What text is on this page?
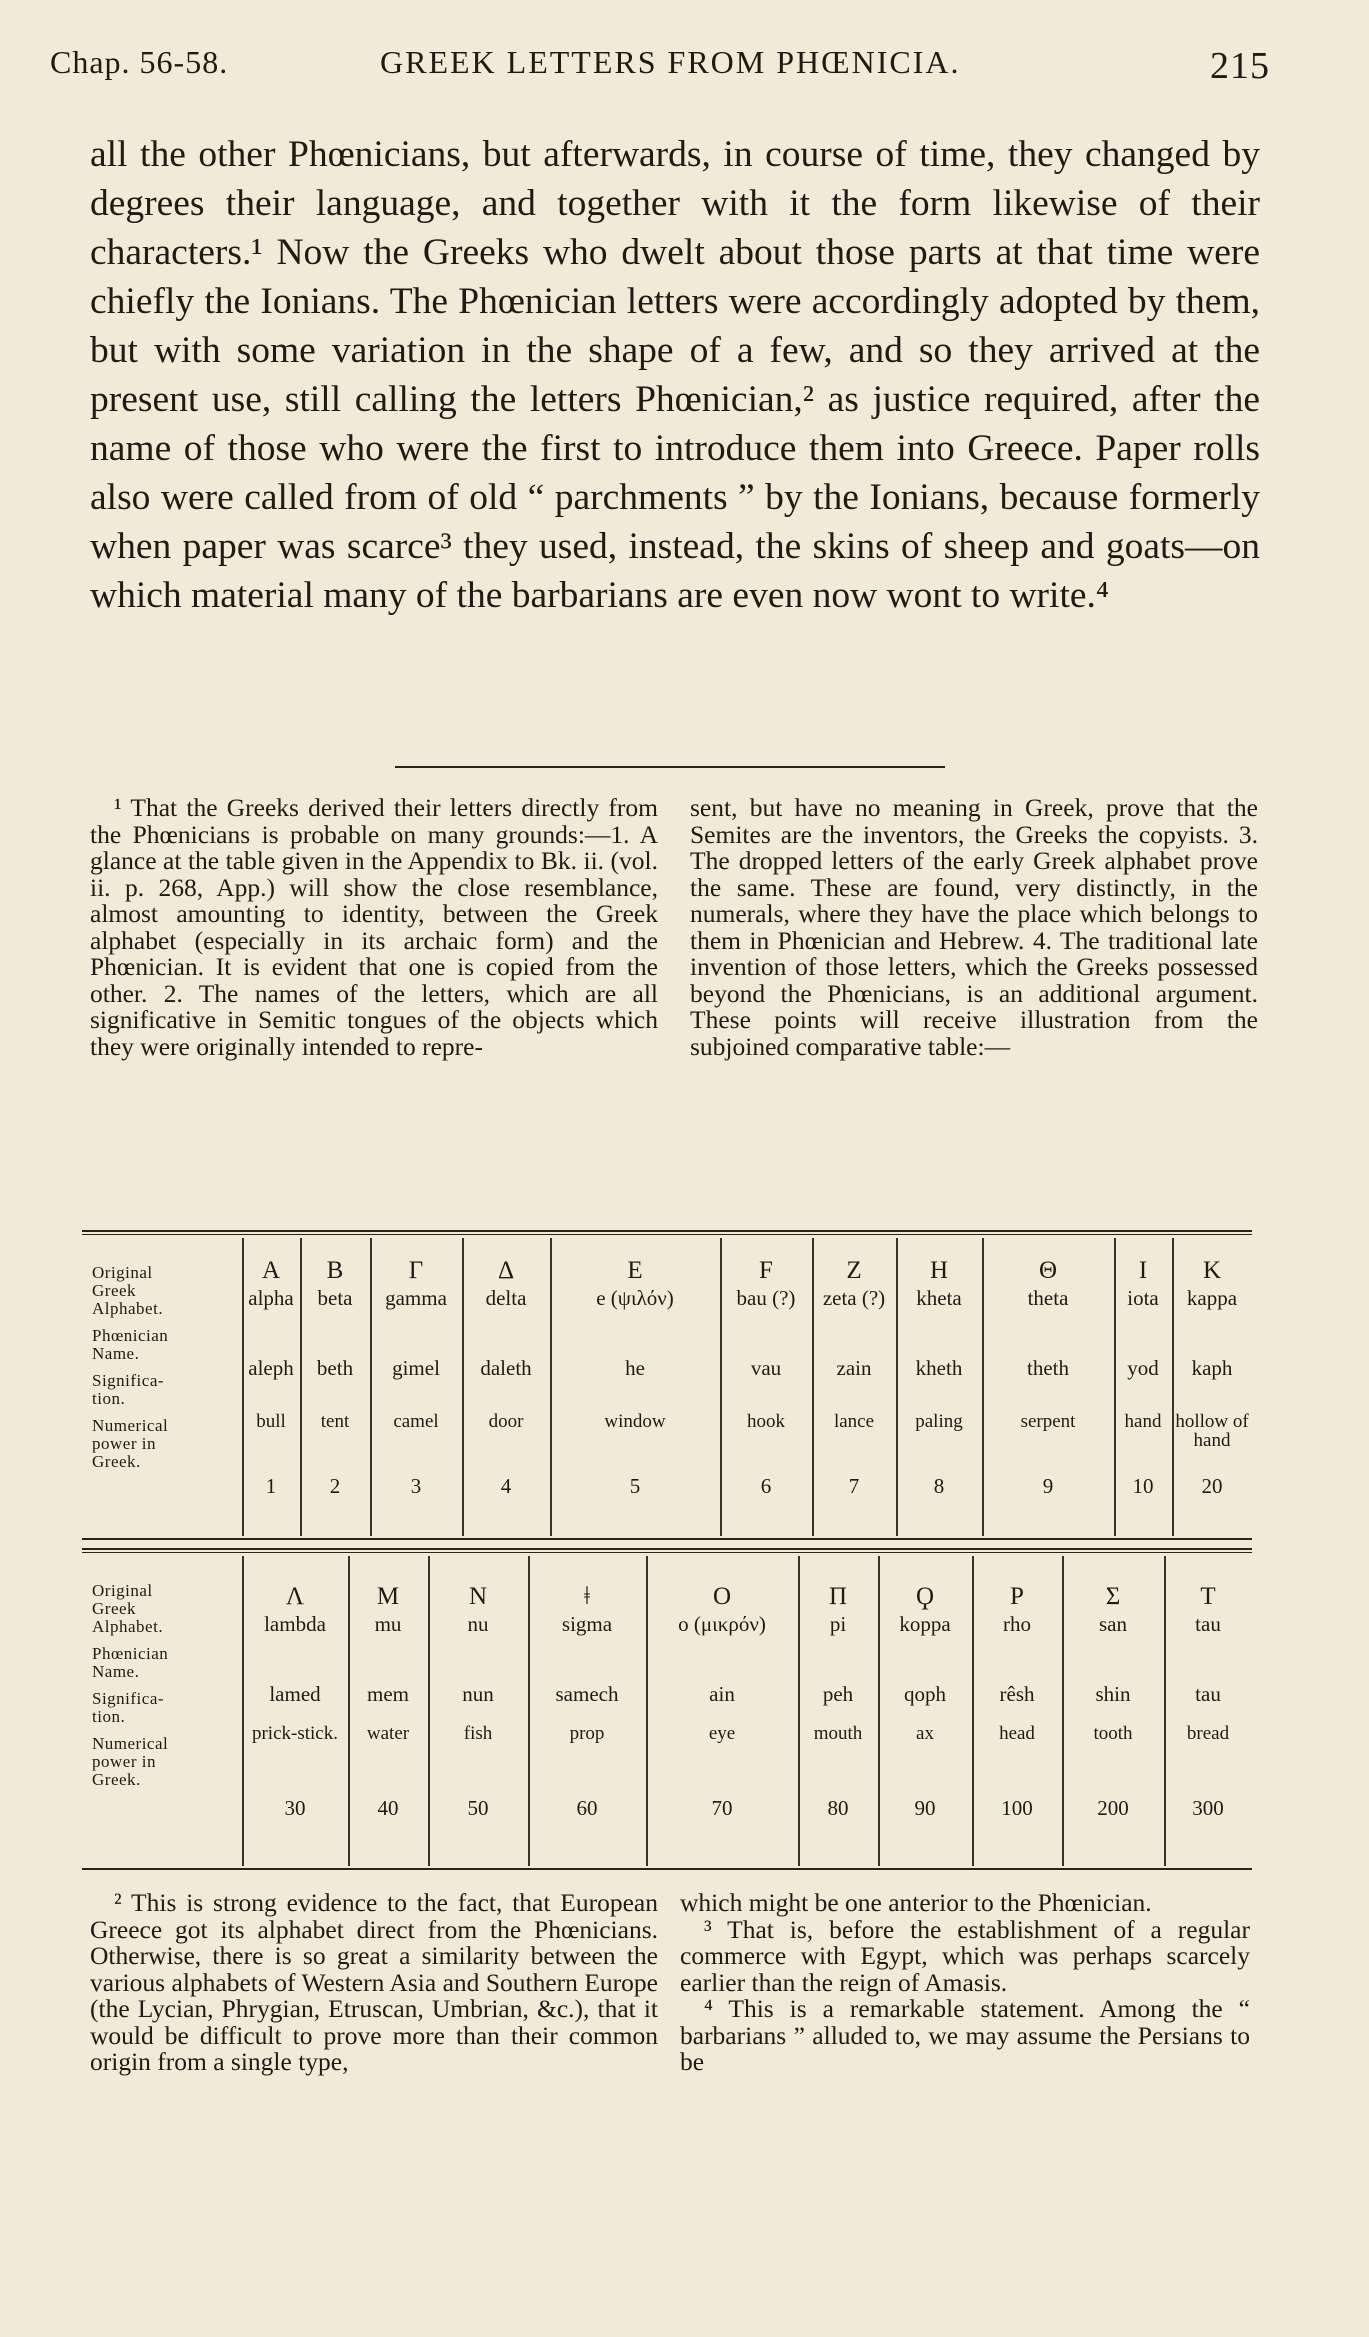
Chap. 56-58.	GREEK LETTERS FROM PHŒNICIA.	215
all the other Phœnicians, but afterwards, in course of time, they changed by degrees their language, and together with it the form likewise of their characters.¹ Now the Greeks who dwelt about those parts at that time were chiefly the Ionians. The Phœnician letters were accordingly adopted by them, but with some variation in the shape of a few, and so they arrived at the present use, still calling the letters Phœnician,² as justice required, after the name of those who were the first to introduce them into Greece. Paper rolls also were called from of old “ parchments ” by the Ionians, because formerly when paper was scarce³ they used, instead, the skins of sheep and goats—on which material many of the barbarians are even now wont to write.⁴

¹ That the Greeks derived their letters directly from the Phœnicians is probable on many grounds:—1. A glance at the table given in the Appendix to Bk. ii. (vol. ii. p. 268, App.) will show the close resemblance, almost amounting to identity, between the Greek alphabet (especially in its archaic form) and the Phœnician. It is evident that one is copied from the other. 2. The names of the letters, which are all significative in Semitic tongues of the objects which they were originally intended to repre-

sent, but have no meaning in Greek, prove that the Semites are the inventors, the Greeks the copyists. 3. The dropped letters of the early Greek alphabet prove the same. These are found, very distinctly, in the numerals, where they have the place which belongs to them in Phœnician and Hebrew. 4. The traditional late invention of those letters, which the Greeks possessed beyond the Phœnicians, is an additional argument. These points will receive illustration from the subjoined comparative table:—

Original
Greek
Alphabet.
Phœnician
Name.
Significa-
tion.
Numerical
power in
Greek.
A
alpha
aleph
bull
1
B
beta
beth
tent
2
Γ
gamma
gimel
camel
3
Δ
delta
daleth
door
4
E
e (ψιλόν)
he
window
5
F
bau (?)
vau
hook
6
Z
zeta (?)
zain
lance
7
H
kheta
kheth
paling
8
Θ
theta
theth
serpent
9
I
iota
yod
hand
10
K
kappa
kaph
hollow of hand
20
Original
Greek
Alphabet.
Phœnician
Name.
Significa-
tion.
Numerical
power in
Greek.
Λ
lambda
lamed
prick-stick.
30
M
mu
mem
water
40
N
nu
nun
fish
50
ǂ
sigma
samech
prop
60
O
o (μικρόν)
ain
eye
70
Π
pi
peh
mouth
80
Ϙ
koppa
qoph
ax
90
P
rho
rêsh
head
100
Σ
san
shin
tooth
200
T
tau
tau
bread
300

² This is strong evidence to the fact, that European Greece got its alphabet direct from the Phœnicians. Otherwise, there is so great a similarity between the various alphabets of Western Asia and Southern Europe (the Lycian, Phrygian, Etruscan, Umbrian, &c.), that it would be difficult to prove more than their common origin from a single type,

which might be one anterior to the Phœnician.

³ That is, before the establishment of a regular commerce with Egypt, which was perhaps scarcely earlier than the reign of Amasis.

⁴ This is a remarkable statement. Among the “ barbarians ” alluded to, we may assume the Persians to be
